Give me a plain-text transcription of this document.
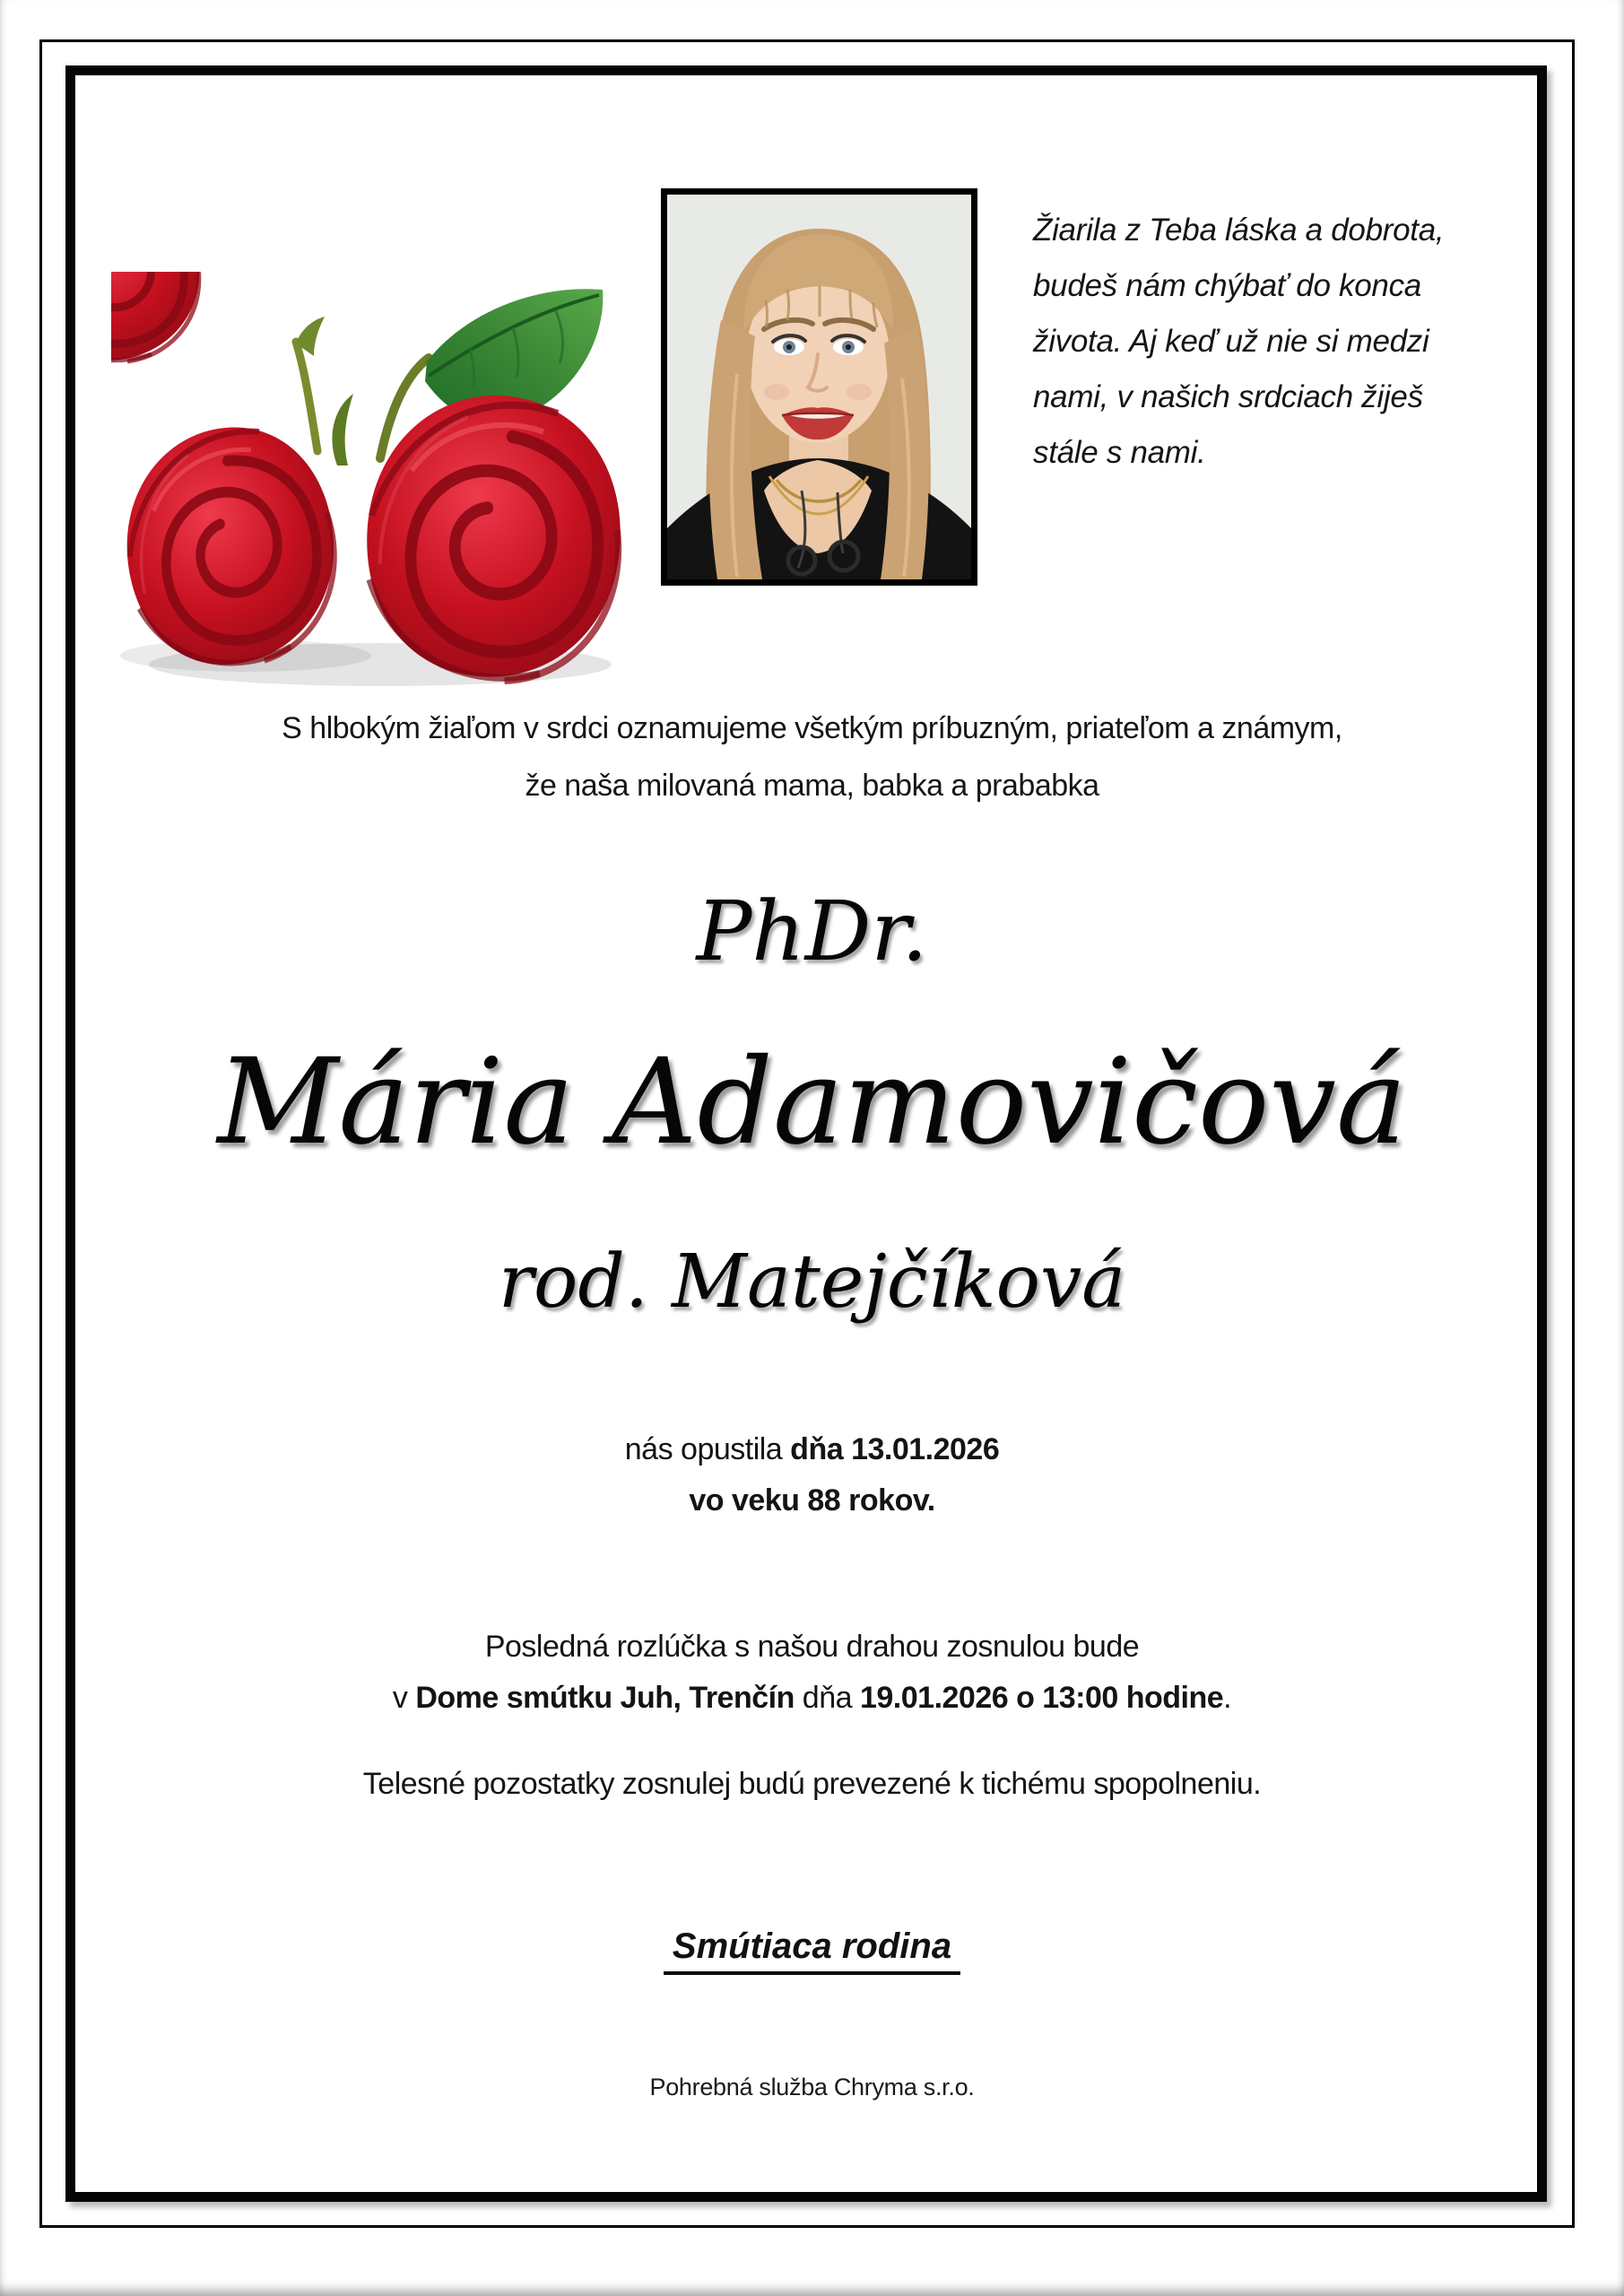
Žiarila z Teba láska a dobrota,
budeš nám chýbať do konca
života. Aj keď už nie si medzi
nami, v našich srdciach žiješ
stále s nami.
S hlbokým žiaľom v srdci oznamujeme všetkým príbuzným, priateľom a známym,
že naša milovaná mama, babka a prababka
PhDr.
Mária Adamovičová
rod. Matejčíková
nás opustila dňa 13.01.2026
vo veku 88 rokov.
Posledná rozlúčka s našou drahou zosnulou bude
v Dome smútku Juh, Trenčín dňa 19.01.2026 o 13:00 hodine.
Telesné pozostatky zosnulej budú prevezené k tichému spopolneniu.
Smútiaca rodina
Pohrebná služba Chryma s.r.o.
